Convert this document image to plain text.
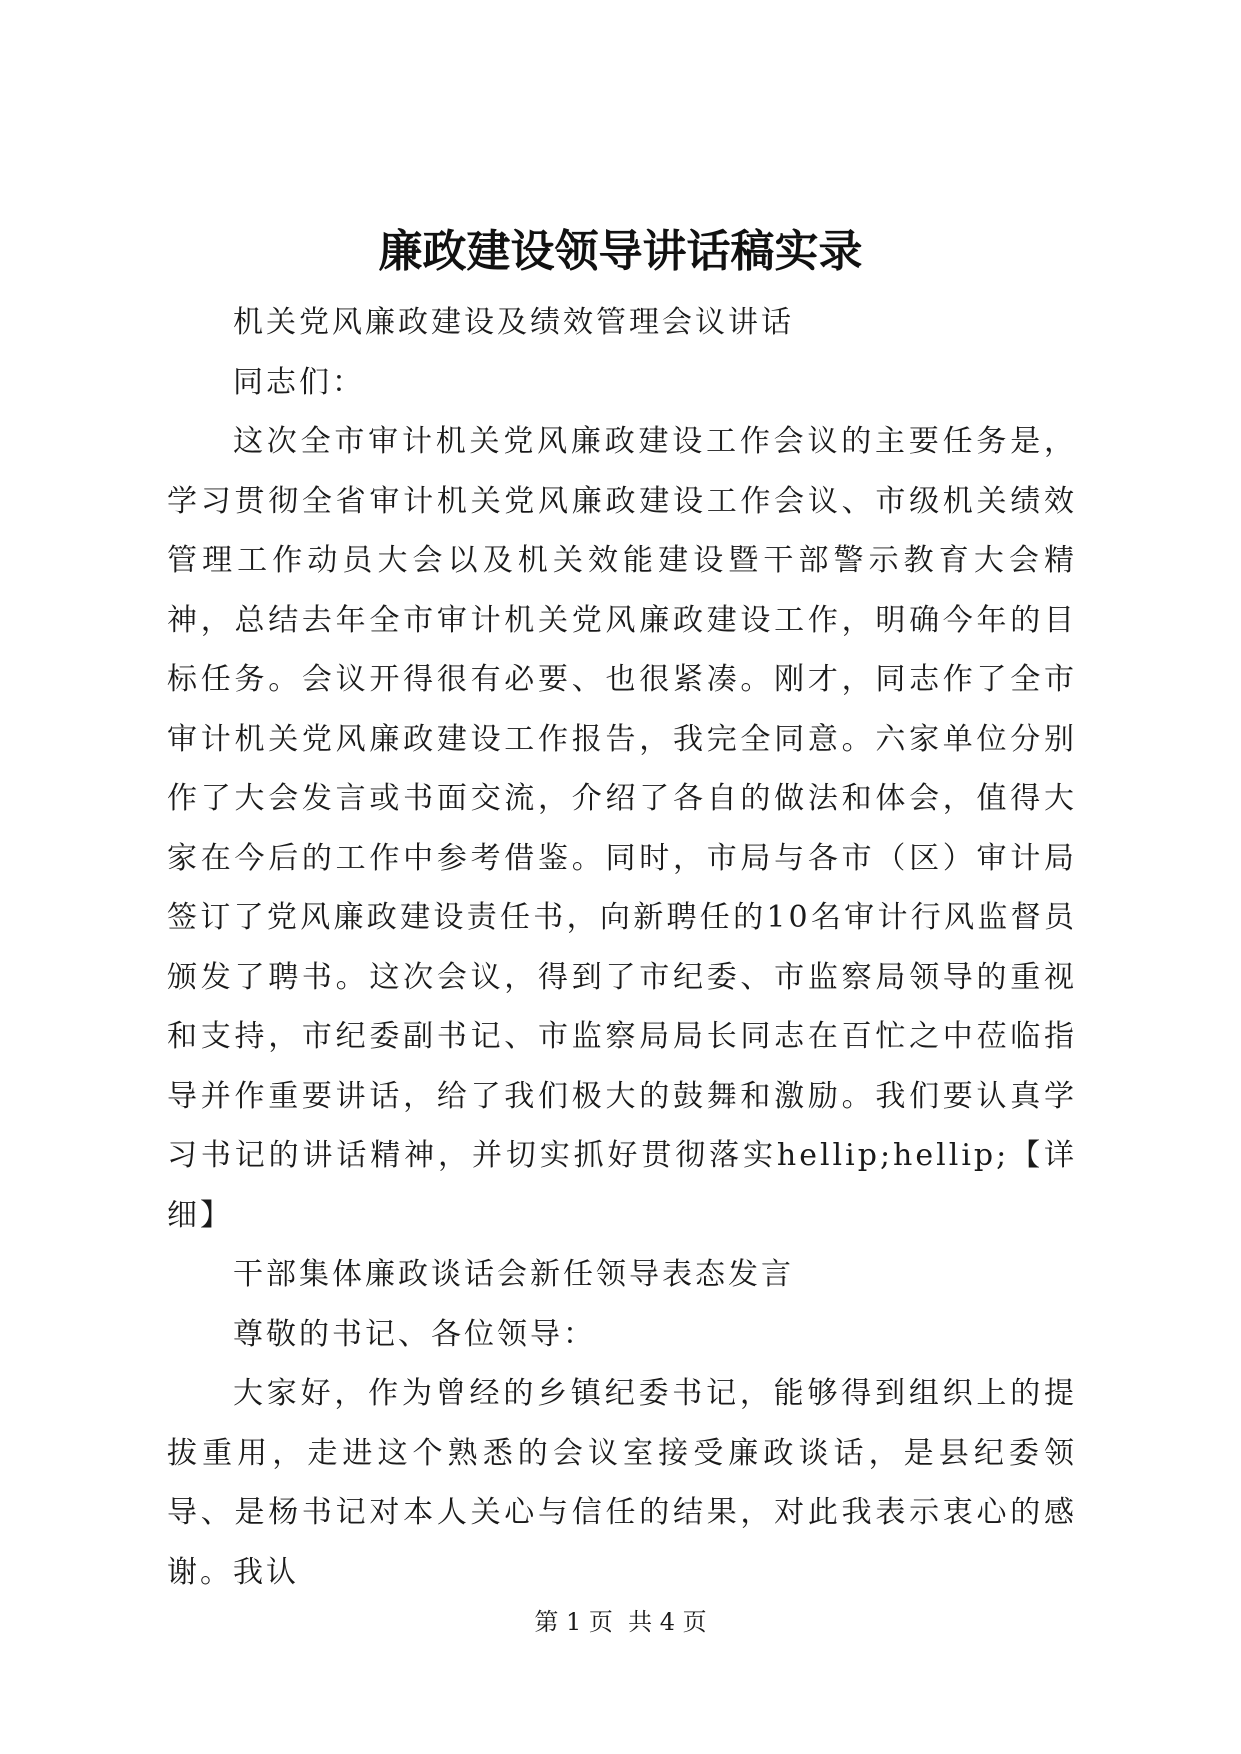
廉政建设领导讲话稿实录

机关党风廉政建设及绩效管理会议讲话

同志们：

这次全市审计机关党风廉政建设工作会议的主要任务是，学习贯彻全省审计机关党风廉政建设工作会议、市级机关绩效管理工作动员大会以及机关效能建设暨干部警示教育大会精神，总结去年全市审计机关党风廉政建设工作，明确今年的目标任务。会议开得很有必要、也很紧凑。刚才，同志作了全市审计机关党风廉政建设工作报告，我完全同意。六家单位分别作了大会发言或书面交流，介绍了各自的做法和体会，值得大家在今后的工作中参考借鉴。同时，市局与各市（区）审计局签订了党风廉政建设责任书，向新聘任的10名审计行风监督员颁发了聘书。这次会议，得到了市纪委、市监察局领导的重视和支持，市纪委副书记、市监察局局长同志在百忙之中莅临指导并作重要讲话，给了我们极大的鼓舞和激励。我们要认真学习书记的讲话精神，并切实抓好贯彻落实hellip;hellip;【详细】

干部集体廉政谈话会新任领导表态发言

尊敬的书记、各位领导：

大家好，作为曾经的乡镇纪委书记，能够得到组织上的提拔重用，走进这个熟悉的会议室接受廉政谈话，是县纪委领导、是杨书记对本人关心与信任的结果，对此我表示衷心的感谢。我认

第 1 页  共 4 页
